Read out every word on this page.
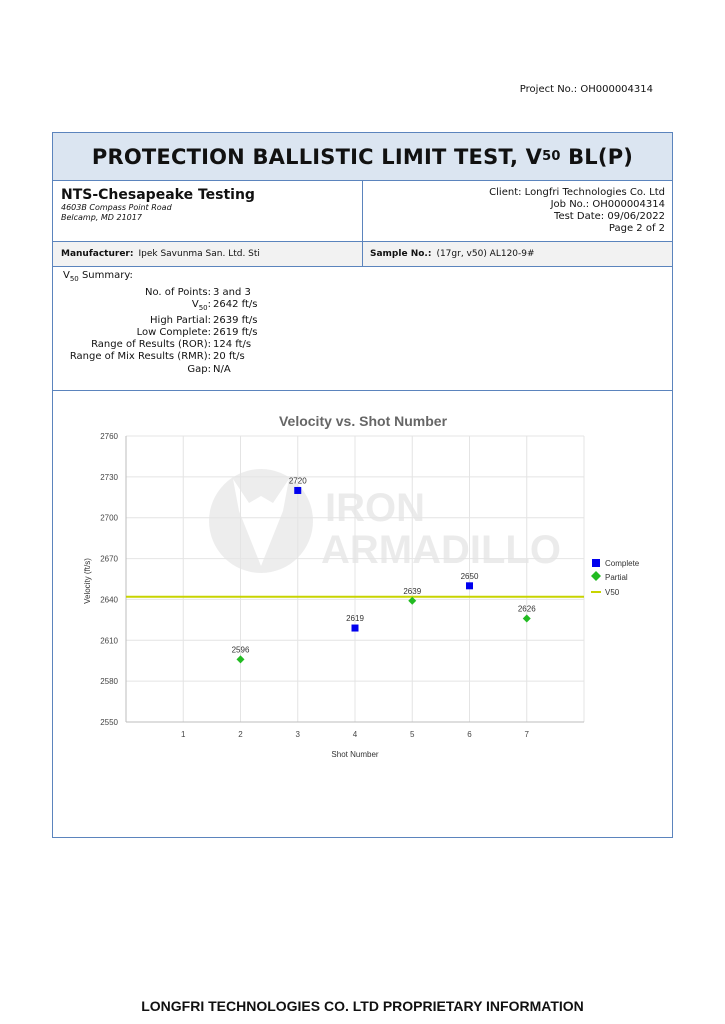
Project No.: OH000004314
PROTECTION BALLISTIC LIMIT TEST, V 50 BL(P)
NTS-Chesapeake Testing
4603B Compass Point Road
Belcamp, MD 21017
Client: Longfri Technologies Co. Ltd
Job No.: OH000004314
Test Date: 09/06/2022
Page 2 of 2
Manufacturer: Ipek Savunma San. Ltd. Sti	Sample No.: (17gr, v50) AL120-9#
$V_{50}$ Summary:
No. of Points: 3 and 3
$V_{50}$: 2642 ft/s
High Partial: 2639 ft/s
Low Complete: 2619 ft/s
Range of Results (ROR): 124 ft/s
Range of Mix Results (RMR): 20 ft/s
Gap: N/A
IRON
ARMADILLO
Velocity vs. Shot Number
2550
2580
2610
2640
2670
2700
2730
2760
1	2	3	4	5	6	7
2720
2619
2650
2596
2639
2626
Shot Number
Velocity (ft/s)	Complete
Partial
V50
LONGFRI TECHNOLOGIES CO. LTD PROPRIETARY INFORMATION
